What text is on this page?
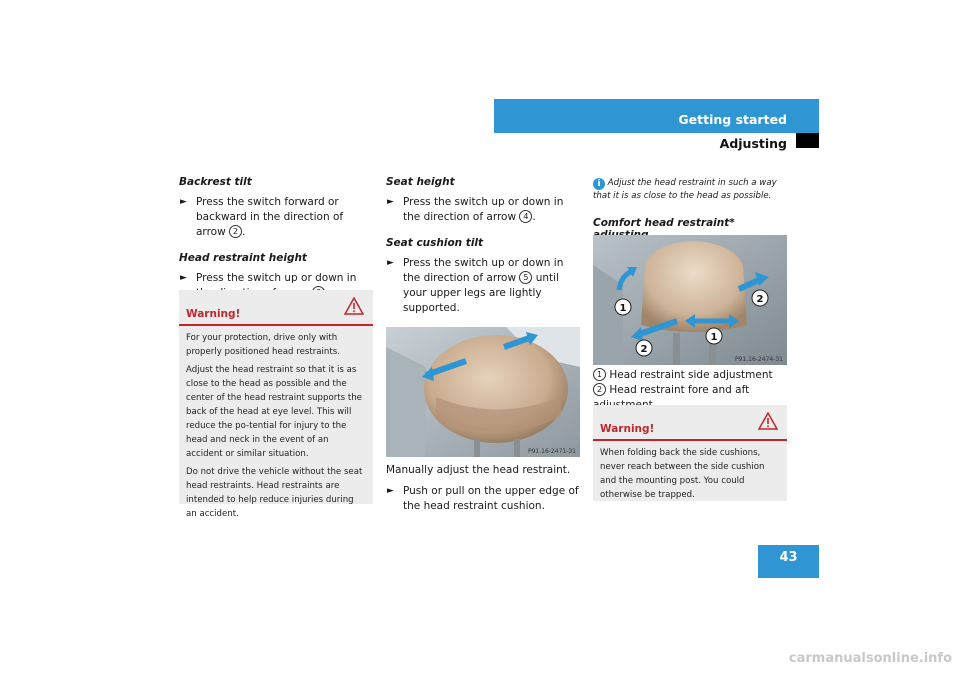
Getting started
Adjusting
Backrest tilt
► Press the switch forward or backward in the direction of arrow 2 .
Head restraint height
► Press the switch up or down in
Warning!

For your protection, drive only with properly positioned head restraints.

Adjust the head restraint so that it is as close to the head as possible and the center of the head restraint supports the back of the head at eye level. This will reduce the po-tential for injury to the head and neck in the event of an accident or similar situation.

Do not drive the vehicle without the seat head restraints. Head restraints are intended to help reduce injuries during an accident.

Seat height
► Press the switch up or down in the direction of arrow 4 .
Seat cushion tilt
► Press the switch up or down in the direction of arrow 5 until your upper legs are lightly supported.
P91.16-2471-31
Manually adjust the head restraint.
► Push or pull on the upper edge of the head restraint cushion.
i Adjust the head restraint in such a way that it is as close to the head as possible.
Comfort head restraint*
1
2
1
2
P91.16-2474-31
1 Head restraint side adjustment
2 Head restraint fore and aft
Warning!
When folding back the side cushions, never reach between the side cushion and the mounting post. You could otherwise be trapped.
43
carmanualsonline.info
